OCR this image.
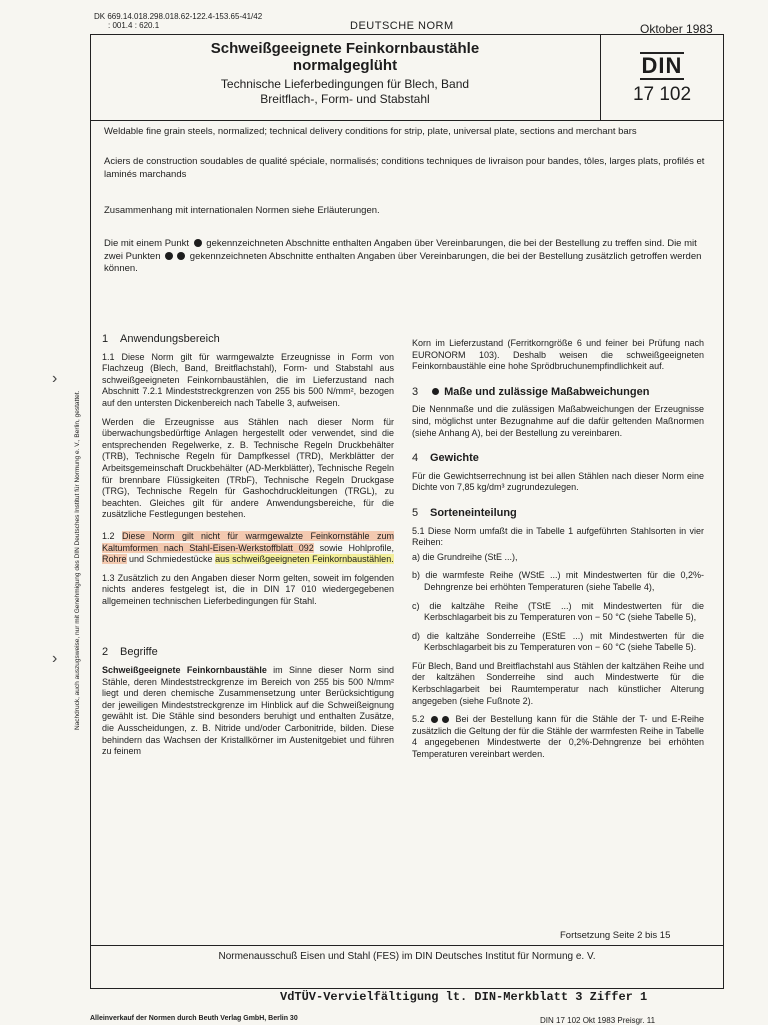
DK 669.14.018.298.018.62-122.4-153.65-41/42
: 001.4 : 620.1	DEUTSCHE NORM	Oktober 1983
Schweißgeeignete Feinkornbaustähle
normalgeglüht
Technische Lieferbedingungen für Blech, Band
Breitflach-, Form- und Stabstahl
DIN
17 102
Weldable fine grain steels, normalized; technical delivery conditions for strip, plate, universal plate, sections and merchant bars
Aciers de construction soudables de qualité spéciale, normalisés; conditions techniques de livraison pour bandes, tôles, larges plats, profilés et laminés marchands
Zusammenhang mit internationalen Normen siehe Erläuterungen.
Die mit einem Punkt gekennzeichneten Abschnitte enthalten Angaben über Vereinbarungen, die bei der Bestellung zu treffen sind. Die mit zwei Punkten	gekennzeichneten Abschnitte enthalten Angaben über Vereinbarungen, die bei der Bestellung zusätzlich getroffen werden können.
1 Anwendungsbereich

1.1 Diese Norm gilt für warmgewalzte Erzeugnisse in Form von Flachzeug (Blech, Band, Breitflachstahl), Form- und Stabstahl aus schweißgeeigneten Feinkornbaustählen, die im Lieferzustand nach Abschnitt 7.2.1 Mindeststreckgrenzen von 255 bis 500 N/mm², bezogen auf den untersten Dickenbereich nach Tabelle 3, aufweisen.

Werden die Erzeugnisse aus Stählen nach dieser Norm für überwachungsbedürftige Anlagen hergestellt oder verwendet, sind die entsprechenden Regelwerke, z. B. Technische Regeln Druckbehälter (TRB), Technische Regeln für Dampfkessel (TRD), Merkblätter der Arbeitsgemeinschaft Druckbehälter (AD-Merkblätter), Technische Regeln für brennbare Flüssigkeiten (TRbF), Technische Regeln Druckgase (TRG), Technische Regeln für Gashochdruckleitungen (TRGL), zu beachten. Gleiches gilt für andere Anwendungsbereiche, für die zusätzliche Festlegungen bestehen.

1.2 Diese Norm gilt nicht für warmgewalzte Feinkornstähle zum Kaltumformen nach Stahl-Eisen-Werkstoffblatt 092 sowie Hohlprofile, Rohre und Schmiedestücke aus schweißgeeigneten Feinkornbaustählen.

1.3 Zusätzlich zu den Angaben dieser Norm gelten, soweit im folgenden nichts anderes festgelegt ist, die in DIN 17 010 wiedergegebenen allgemeinen technischen Lieferbedingungen für Stahl.

2 Begriffe

Schweißgeeignete Feinkornbaustähle im Sinne dieser Norm sind Stähle, deren Mindeststreckgrenze im Bereich von 255 bis 500 N/mm² liegt und deren chemische Zusammensetzung unter Berücksichtigung der jeweiligen Mindeststreckgrenze im Hinblick auf die Schweißeignung gewählt ist. Die Stähle sind besonders beruhigt und enthalten Zusätze, die Ausscheidungen, z. B. Nitride und/oder Carbonitride, bilden. Diese behindern das Wachsen der Kristallkörner im Austenitgebiet und führen zu feinem

Korn im Lieferzustand (Ferritkorngröße 6 und feiner bei Prüfung nach EURONORM 103). Deshalb weisen die schweißgeeigneten Feinkornbaustähle eine hohe Sprödbruchunempfindlichkeit auf.

3 Maße und zulässige Maßabweichungen

Die Nennmaße und die zulässigen Maßabweichungen der Erzeugnisse sind, möglichst unter Bezugnahme auf die dafür geltenden Maßnormen (siehe Anhang A), bei der Bestellung zu vereinbaren.

4 Gewichte

Für die Gewichtserrechnung ist bei allen Stählen nach dieser Norm eine Dichte von 7,85 kg/dm³ zugrundezulegen.

5 Sorteneinteilung

5.1 Diese Norm umfaßt die in Tabelle 1 aufgeführten Stahlsorten in vier Reihen:

a) die Grundreihe (StE ...),

b) die warmfeste Reihe (WStE ...) mit Mindestwerten für die 0,2%-Dehngrenze bei erhöhten Temperaturen (siehe Tabelle 4),

c) die kaltzähe Reihe (TStE ...) mit Mindestwerten für die Kerbschlagarbeit bis zu Temperaturen von − 50 °C (siehe Tabelle 5),

d) die kaltzähe Sonderreihe (EStE ...) mit Mindestwerten für die Kerbschlagarbeit bis zu Temperaturen von − 60 °C (siehe Tabelle 5).

Für Blech, Band und Breitflachstahl aus Stählen der kaltzähen Reihe und der kaltzähen Sonderreihe sind auch Mindestwerte für die Kerbschlagarbeit bei Raumtemperatur nach künstlicher Alterung angegeben (siehe Fußnote 2).

5.2	Bei der Bestellung kann für die Stähle der T- und E-Reihe zusätzlich die Geltung der für die Stähle der warmfesten Reihe in Tabelle 4 angegebenen Mindestwerte der 0,2%-Dehngrenze bei erhöhten Temperaturen vereinbart werden.

Fortsetzung Seite 2 bis 15
Normenausschuß Eisen und Stahl (FES) im DIN Deutsches Institut für Normung e. V.
VdTÜV-Vervielfältigung lt. DIN-Merkblatt 3 Ziffer 1
Alleinverkauf der Normen durch Beuth Verlag GmbH, Berlin 30	DIN 17 102 Okt 1983 Preisgr. 11
Nachdruck, auch auszugsweise, nur mit Genehmigung des DIN Deutsches Institut für Normung e. V., Berlin, gestattet.
›
›
